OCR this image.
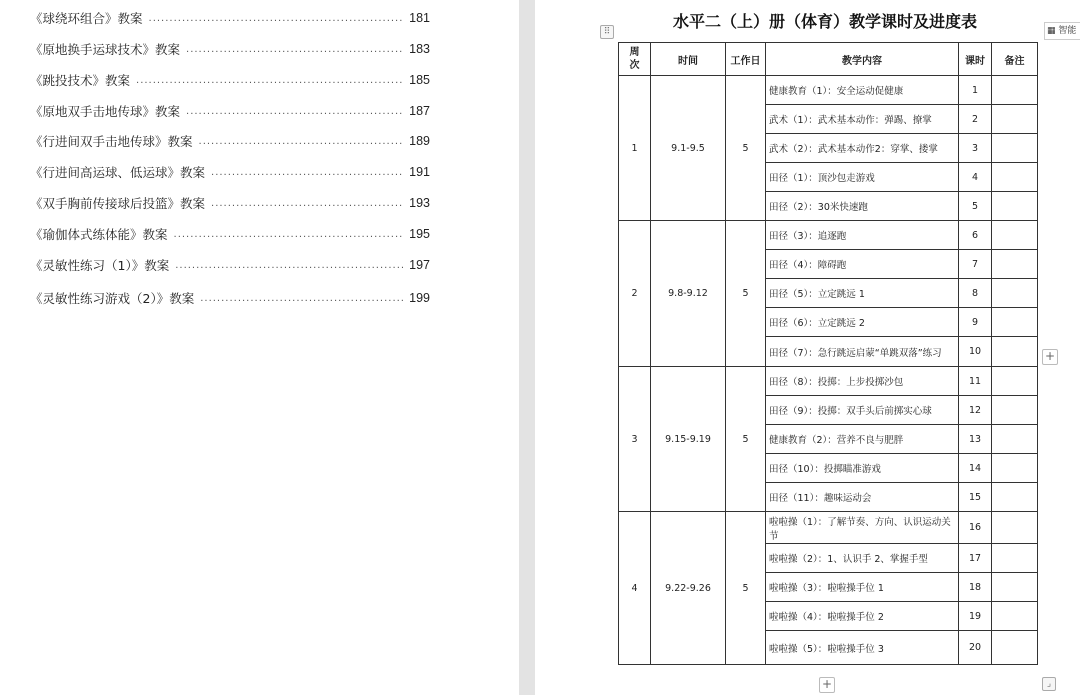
《球绕环组合》教案 .....	181
《原地换手运球技术》教案 .....	183
《跳投技术》教案 .....	185
《原地双手击地传球》教案 .....	187
《行进间双手击地传球》教案 .....	189
《行进间高运球、低运球》教案 .....	191
《双手胸前传接球后投篮》教案 .....	193
《瑜伽体式练体能》教案 .....	195
《灵敏性练习（1）》教案 .....	197
《灵敏性练习游戏（2）》教案 .....	199
水平二（上）册（体育）教学课时及进度表
⠿	▦ 智能
周次	时间	工作日	教学内容	课时	备注
1	9.1-9.5	5	健康教育（1）：安全运动促健康	1	
			武术（1）：武术基本动作：弹踢、撩掌	2	
			武术（2）：武术基本动作2：穿掌、搂掌	3	
			田径（1）：顶沙包走游戏	4	
			田径（2）：30米快速跑	5	
2	9.8-9.12	5	田径（3）：追逐跑	6	
			田径（4）：障碍跑	7	
			田径（5）：立定跳远 1	8	
			田径（6）：立定跳远 2	9	
			田径（7）：急行跳远启蒙“单跳双落”练习	10	
3	9.15-9.19	5	田径（8）：投掷：上步投掷沙包	11	
			田径（9）：投掷：双手头后前掷实心球	12	
			健康教育（2）：营养不良与肥胖	13	
			田径（10）：投掷瞄准游戏	14	
			田径（11）：趣味运动会	15	
4	9.22-9.26	5	啦啦操（1）：了解节奏、方向、认识运动关节	16	
			啦啦操（2）：1、认识手 2、掌握手型	17	
			啦啦操（3）：啦啦操手位 1	18	
			啦啦操（4）：啦啦操手位 2	19	
			啦啦操（5）：啦啦操手位 3	20	
+
+	⌟
